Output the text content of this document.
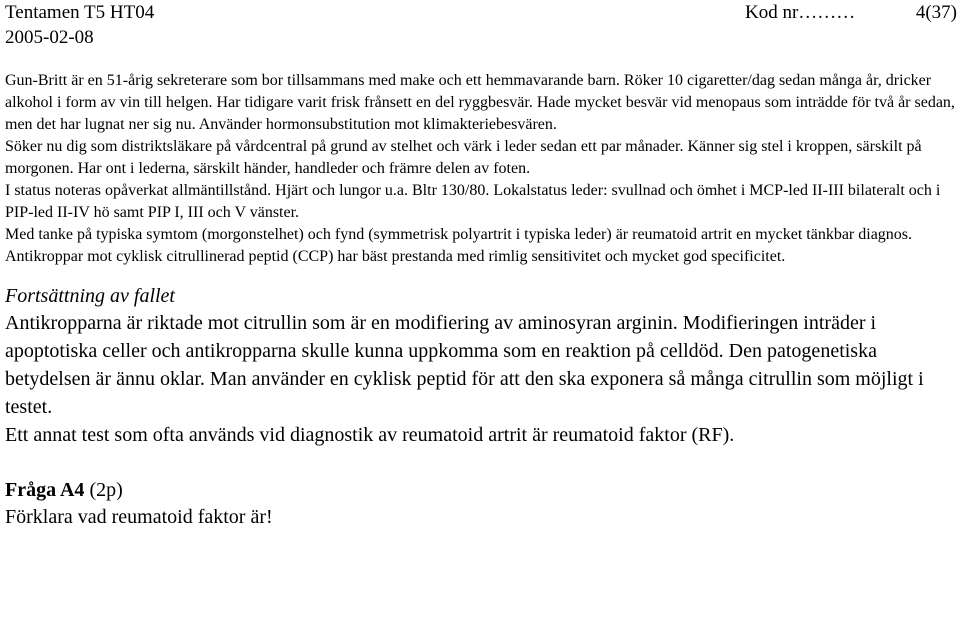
Tentamen T5 HT04	Kod nr………	4(37)
2005-02-08

Gun-Britt är en 51-årig sekreterare som bor tillsammans med make och ett hemmavarande barn. Röker 10 cigaretter/dag sedan många år, dricker alkohol i form av vin till helgen. Har tidigare varit frisk frånsett en del ryggbesvär. Hade mycket besvär vid menopaus som inträdde för två år sedan, men det har lugnat ner sig nu. Använder hormonsubstitution mot klimakteriebesvären.

Söker nu dig som distriktsläkare på vårdcentral på grund av stelhet och värk i leder sedan ett par månader. Känner sig stel i kroppen, särskilt på morgonen. Har ont i lederna, särskilt händer, handleder och främre delen av foten.

I status noteras opåverkat allmäntillstånd. Hjärt och lungor u.a. Bltr 130/80. Lokalstatus leder: svullnad och ömhet i MCP-led II-III bilateralt och i PIP-led II-IV hö samt PIP I, III och V vänster.

Med tanke på typiska symtom (morgonstelhet) och fynd (symmetrisk polyartrit i typiska leder) är reumatoid artrit en mycket tänkbar diagnos.

Antikroppar mot cyklisk citrullinerad peptid (CCP) har bäst prestanda med rimlig sensitivitet och mycket god specificitet.

Fortsättning av fallet

Antikropparna är riktade mot citrullin som är en modifiering av aminosyran arginin. Modifieringen inträder i apoptotiska celler och antikropparna skulle kunna uppkomma som en reaktion på celldöd. Den patogenetiska betydelsen är ännu oklar. Man använder en cyklisk peptid för att den ska exponera så många citrullin som möjligt i testet.

Ett annat test som ofta används vid diagnostik av reumatoid artrit är reumatoid faktor (RF).

Fråga A4 (2p)
Förklara vad reumatoid faktor är!
